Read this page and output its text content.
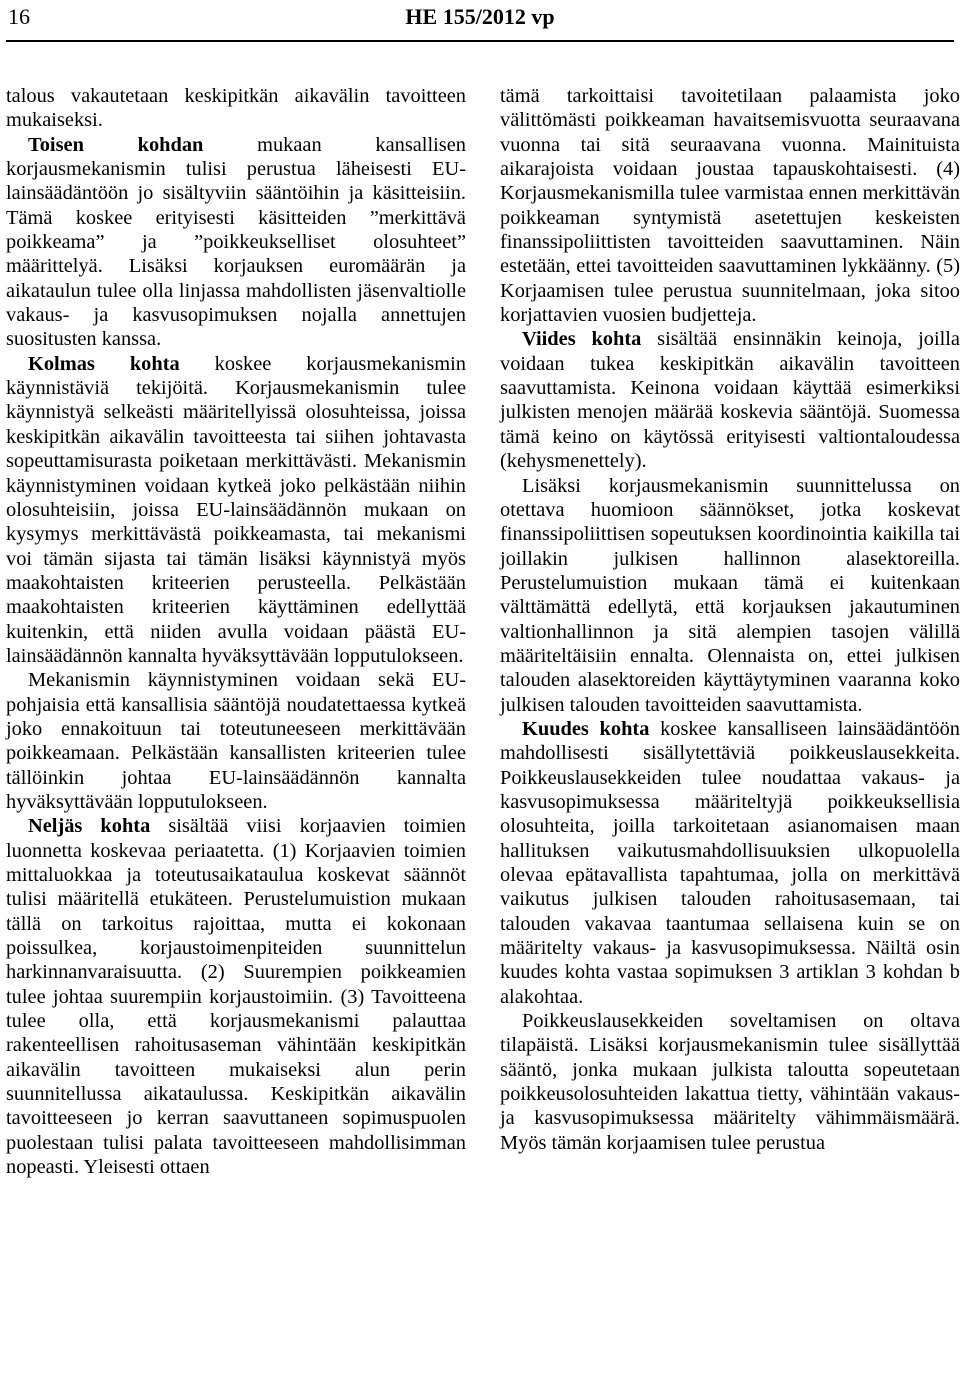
16	HE 155/2012 vp

talous vakautetaan keskipitkän aikavälin tavoitteen mukaiseksi.

Toisen kohdan mukaan kansallisen korjausmekanismin tulisi perustua läheisesti EU-lainsäädäntöön jo sisältyviin sääntöihin ja käsitteisiin. Tämä koskee erityisesti käsitteiden ”merkittävä poikkeama” ja ”poikkeukselliset olosuhteet” määrittelyä. Lisäksi korjauksen euromäärän ja aikataulun tulee olla linjassa mahdollisten jäsenvaltiolle vakaus- ja kasvusopimuksen nojalla annettujen suositusten kanssa.

Kolmas kohta koskee korjausmekanismin käynnistäviä tekijöitä. Korjausmekanismin tulee käynnistyä selkeästi määritellyissä olosuhteissa, joissa keskipitkän aikavälin tavoitteesta tai siihen johtavasta sopeuttamisurasta poiketaan merkittävästi. Mekanismin käynnistyminen voidaan kytkeä joko pelkästään niihin olosuhteisiin, joissa EU-lainsäädännön mukaan on kysymys merkittävästä poikkeamasta, tai mekanismi voi tämän sijasta tai tämän lisäksi käynnistyä myös maakohtaisten kriteerien perusteella. Pelkästään maakohtaisten kriteerien käyttäminen edellyttää kuitenkin, että niiden avulla voidaan päästä EU-lainsäädännön kannalta hyväksyttävään lopputulokseen.

Mekanismin käynnistyminen voidaan sekä EU-pohjaisia että kansallisia sääntöjä noudatettaessa kytkeä joko ennakoituun tai toteutuneeseen merkittävään poikkeamaan. Pelkästään kansallisten kriteerien tulee tällöinkin johtaa EU-lainsäädännön kannalta hyväksyttävään lopputulokseen.

Neljäs kohta sisältää viisi korjaavien toimien luonnetta koskevaa periaatetta. (1) Korjaavien toimien mittaluokkaa ja toteutusaikataulua koskevat säännöt tulisi määritellä etukäteen. Perustelumuistion mukaan tällä on tarkoitus rajoittaa, mutta ei kokonaan poissulkea, korjaustoimenpiteiden suunnittelun harkinnanvaraisuutta. (2) Suurempien poikkeamien tulee johtaa suurempiin korjaustoimiin. (3) Tavoitteena tulee olla, että korjausmekanismi palauttaa rakenteellisen rahoitusaseman vähintään keskipitkän aikavälin tavoitteen mukaiseksi alun perin suunnitellussa aikataulussa. Keskipitkän aikavälin tavoitteeseen jo kerran saavuttaneen sopimuspuolen puolestaan tulisi palata tavoitteeseen mahdollisimman nopeasti. Yleisesti ottaen

tämä tarkoittaisi tavoitetilaan palaamista joko välittömästi poikkeaman havaitsemisvuotta seuraavana vuonna tai sitä seuraavana vuonna. Mainituista aikarajoista voidaan joustaa tapauskohtaisesti. (4) Korjausmekanismilla tulee varmistaa ennen merkittävän poikkeaman syntymistä asetettujen keskeisten finanssipoliittisten tavoitteiden saavuttaminen. Näin estetään, ettei tavoitteiden saavuttaminen lykkäänny. (5) Korjaamisen tulee perustua suunnitelmaan, joka sitoo korjattavien vuosien budjetteja.

Viides kohta sisältää ensinnäkin keinoja, joilla voidaan tukea keskipitkän aikavälin tavoitteen saavuttamista. Keinona voidaan käyttää esimerkiksi julkisten menojen määrää koskevia sääntöjä. Suomessa tämä keino on käytössä erityisesti valtiontaloudessa (kehysmenettely).

Lisäksi korjausmekanismin suunnittelussa on otettava huomioon säännökset, jotka koskevat finanssipoliittisen sopeutuksen koordinointia kaikilla tai joillakin julkisen hallinnon alasektoreilla. Perustelumuistion mukaan tämä ei kuitenkaan välttämättä edellytä, että korjauksen jakautuminen valtionhallinnon ja sitä alempien tasojen välillä määriteltäisiin ennalta. Olennaista on, ettei julkisen talouden alasektoreiden käyttäytyminen vaaranna koko julkisen talouden tavoitteiden saavuttamista.

Kuudes kohta koskee kansalliseen lainsäädäntöön mahdollisesti sisällytettäviä poikkeuslausekkeita. Poikkeuslausekkeiden tulee noudattaa vakaus- ja kasvusopimuksessa määriteltyjä poikkeuksellisia olosuhteita, joilla tarkoitetaan asianomaisen maan hallituksen vaikutusmahdollisuuksien ulkopuolella olevaa epätavallista tapahtumaa, jolla on merkittävä vaikutus julkisen talouden rahoitusasemaan, tai talouden vakavaa taantumaa sellaisena kuin se on määritelty vakaus- ja kasvusopimuksessa. Näiltä osin kuudes kohta vastaa sopimuksen 3 artiklan 3 kohdan b alakohtaa.

Poikkeuslausekkeiden soveltamisen on oltava tilapäistä. Lisäksi korjausmekanismin tulee sisällyttää sääntö, jonka mukaan julkista taloutta sopeutetaan poikkeusolosuhteiden lakattua tietty, vähintään vakaus- ja kasvusopimuksessa määritelty vähimmäismäärä. Myös tämän korjaamisen tulee perustua
